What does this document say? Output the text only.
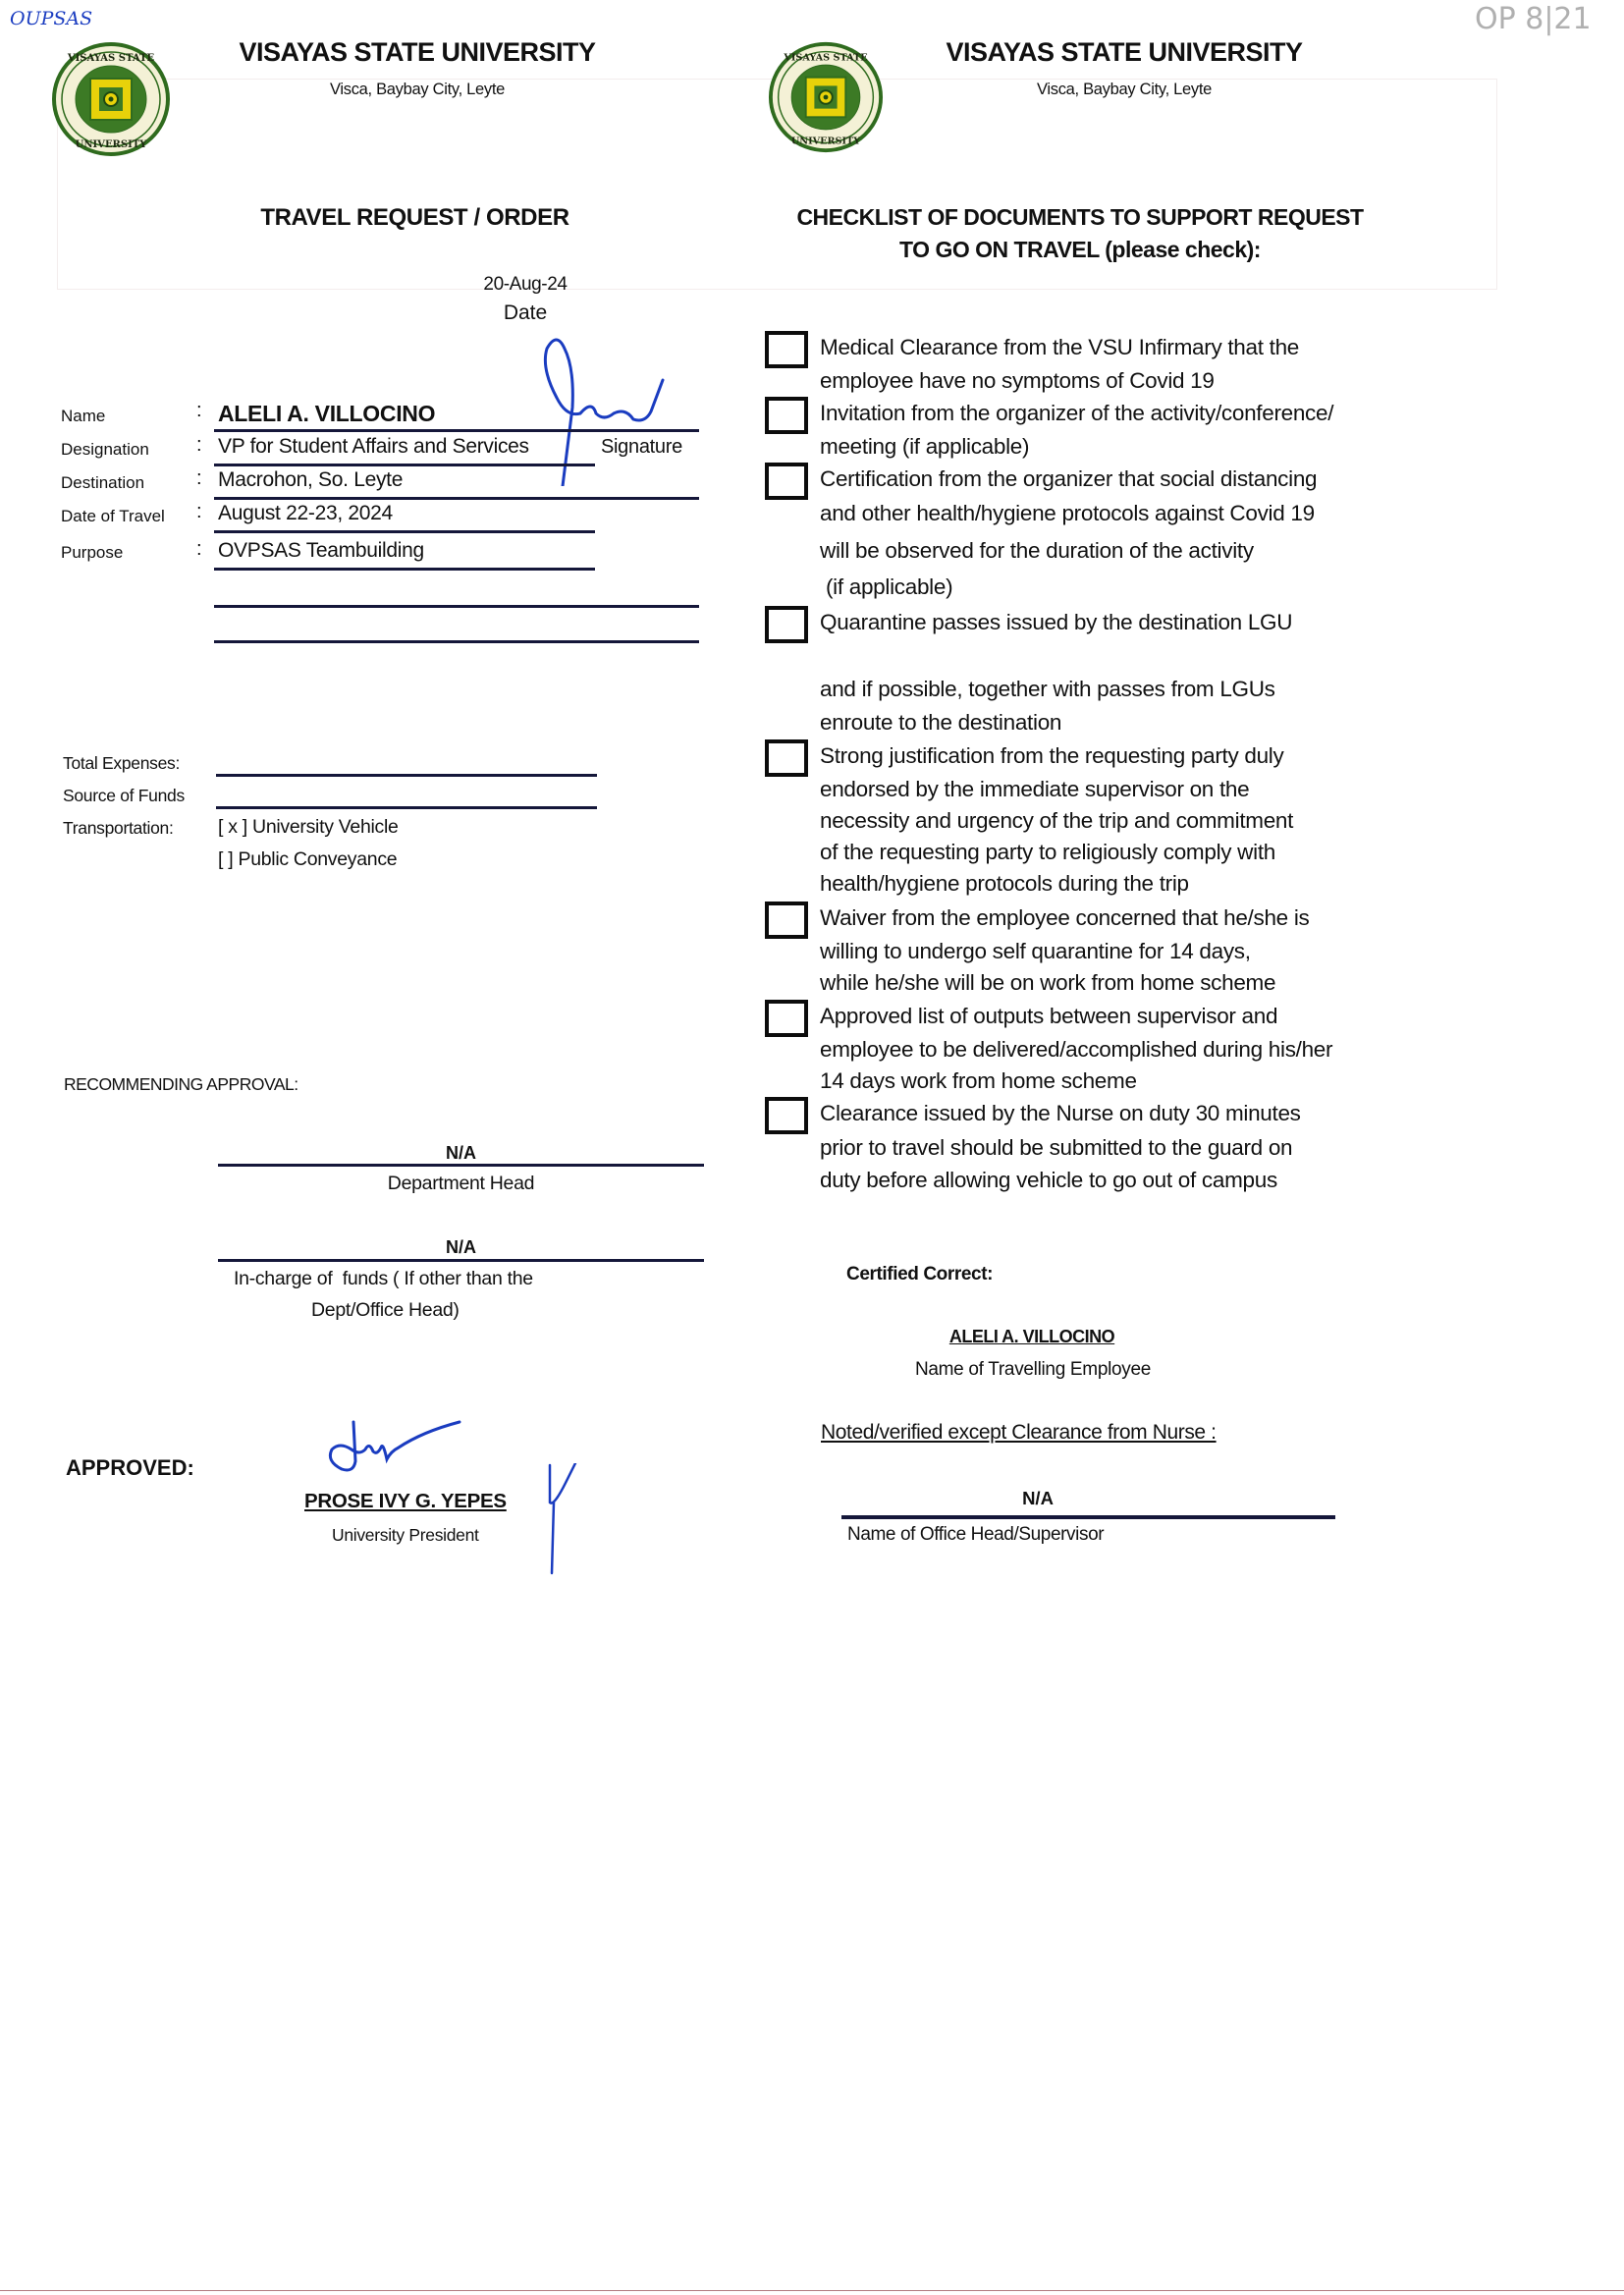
OUPSAS	OP 8|21
VISAYAS STATE
UNIVERSITY
VISAYAS STATE UNIVERSITY
Visca, Baybay City, Leyte
TRAVEL REQUEST / ORDER
20-Aug-24
Date
Name	: ALELI A. VILLOCINO
Designation : VP for Student Affairs and Services	Signature
Destination	: Macrohon, So. Leyte
Date of Travel : August 22-23, 2024
Purpose	: OVPSAS Teambuilding
Total Expenses:
Source of Funds
Transportation: [ x ] University Vehicle
[ ] Public Conveyance
RECOMMENDING APPROVAL:
N/A
Department Head
N/A
In-charge of  funds ( If other than the
Dept/Office Head)
APPROVED:
PROSE IVY G. YEPES
University President
VISAYAS STATE
UNIVERSITY
VISAYAS STATE UNIVERSITY
Visca, Baybay City, Leyte
CHECKLIST OF DOCUMENTS TO SUPPORT REQUEST
TO GO ON TRAVEL (please check):
Medical Clearance from the VSU Infirmary that the
employee have no symptoms of Covid 19
Invitation from the organizer of the activity/conference/
meeting (if applicable)
Certification from the organizer that social distancing
and other health/hygiene protocols against Covid 19
will be observed for the duration of the activity
(if applicable)
Quarantine passes issued by the destination LGU
and if possible, together with passes from LGUs
enroute to the destination
Strong justification from the requesting party duly
endorsed by the immediate supervisor on the
necessity and urgency of the trip and commitment
of the requesting party to religiously comply with
health/hygiene protocols during the trip
Waiver from the employee concerned that he/she is
willing to undergo self quarantine for 14 days,
while he/she will be on work from home scheme
Approved list of outputs between supervisor and
employee to be delivered/accomplished during his/her
14 days work from home scheme
Clearance issued by the Nurse on duty 30 minutes
prior to travel should be submitted to the guard on
duty before allowing vehicle to go out of campus
Certified Correct:
ALELI A. VILLOCINO
Name of Travelling Employee
Noted/verified except Clearance from Nurse :
N/A
Name of Office Head/Supervisor
